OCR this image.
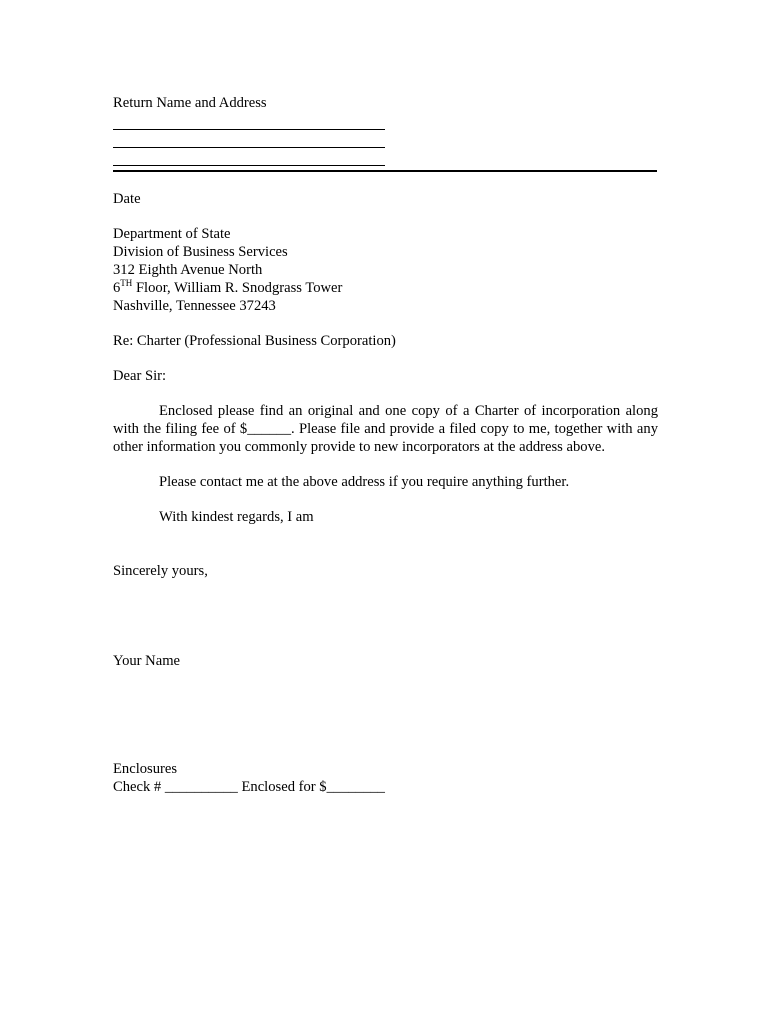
Return Name and Address
Date
Department of State
Division of Business Services
312 Eighth Avenue North
6TH Floor, William R. Snodgrass Tower
Nashville, Tennessee 37243
Re: Charter (Professional Business Corporation)
Dear Sir:
Enclosed please find an original and one copy of a Charter of incorporation along with the filing fee of $______. Please file and provide a filed copy to me, together with any other information you commonly provide to new incorporators at the address above.
Please contact me at the above address if you require anything further.
With kindest regards, I am
Sincerely yours,
Your Name
Enclosures
Check # __________ Enclosed for $________
